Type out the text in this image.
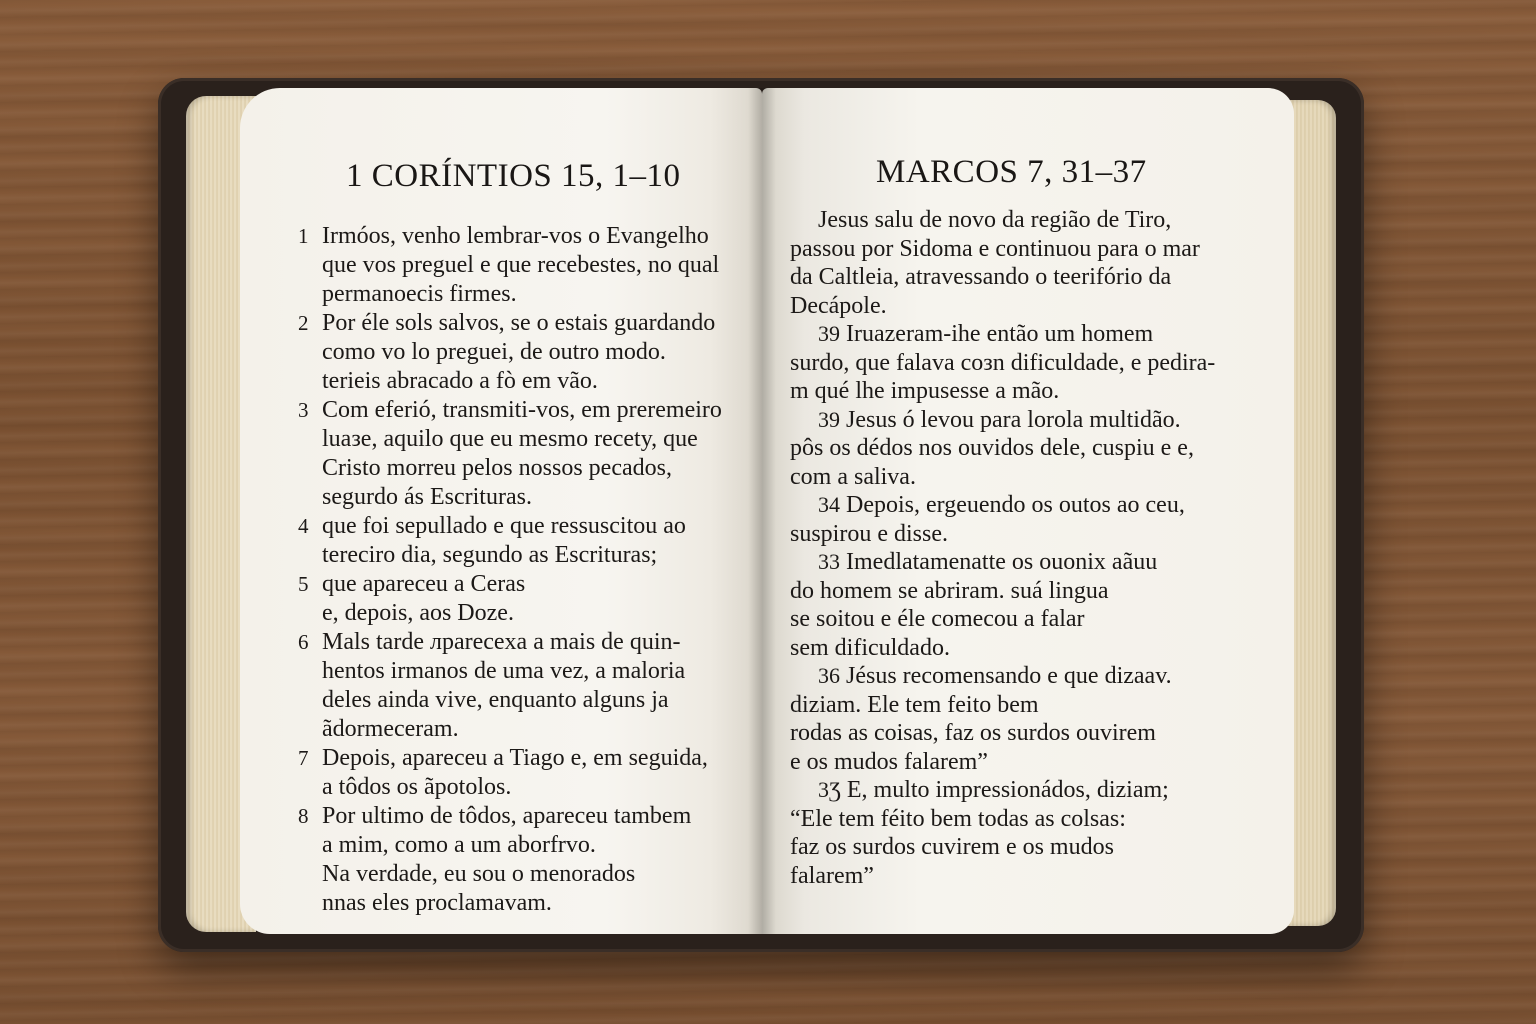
1 CORÍNTIOS 15, 1–10
1 Irmóos, venho lembrar-vos o Evangelho
que vos preguel e que recebestes, no qual
permanoecis firmes.
2 Por éle sols salvos, se o estais guardando
como vo lo preguei, de outro modo.
terieis abracado a fò em vão.
3 Com eferió, transmiti-vos, em preremeiro
luaзe, aquilo que eu mesmo recety, que
Cristo morreu pelos nossos pecados,
segurdo ás Escrituras.
4 que foi sepullado e que ressuscitou ao
tereciro dia, segundo as Escrituras;
5 que apareceu a Ceras
e, depois, aos Doze.
6 Mals tarde лparecеxa a mais de quin-
hentos irmanos de uma vez, a maloria
deles ainda vive, enquanto alguns ja
ãdormeceram.
7 Depois, apareceu a Tiago e, em seguida,
a tôdos os ãpotolos.
8 Por ultimo de tôdos, apareceu tambem
a mim, como a um aborfrvo.
Na verdade, eu sou o menorados
nnas eles proclamavam.
MARCOS 7, 31–37
Jesus salu de novo da região de Tiro,
passou por Sidoma e continuou para o mar
da Caltleia, atravessando o teerifório da
Decápole.
39 Iruazeram-ihe então um homem
surdo, que falava coзn dificuldade, e pedira-
m qué lhe impusesse a mão.
39 Jesus ó levou para lorola multidão.
pôs os dédos nos ouvidos dele, cuspiu e e,
com a saliva.
34 Depois, ergeuendo os outos ao ceu,
suspirou e disse.
33 Imedlatamenatte os ouonix aãuu
do homem se abriram. suá lingua
se soitou e éle comecou a falar
sem dificuldado.
36 Jésus recomensando e que dizaav.
diziam. Ele tem feito bem
rodas as coisas, faz os surdos ouvirem
e os mudos falarem”
3Ʒ E, multo impressionádos, diziam;
“Ele tem féito bem todas as colsas:
faz os surdos cuvirem e os mudos
falarem”
